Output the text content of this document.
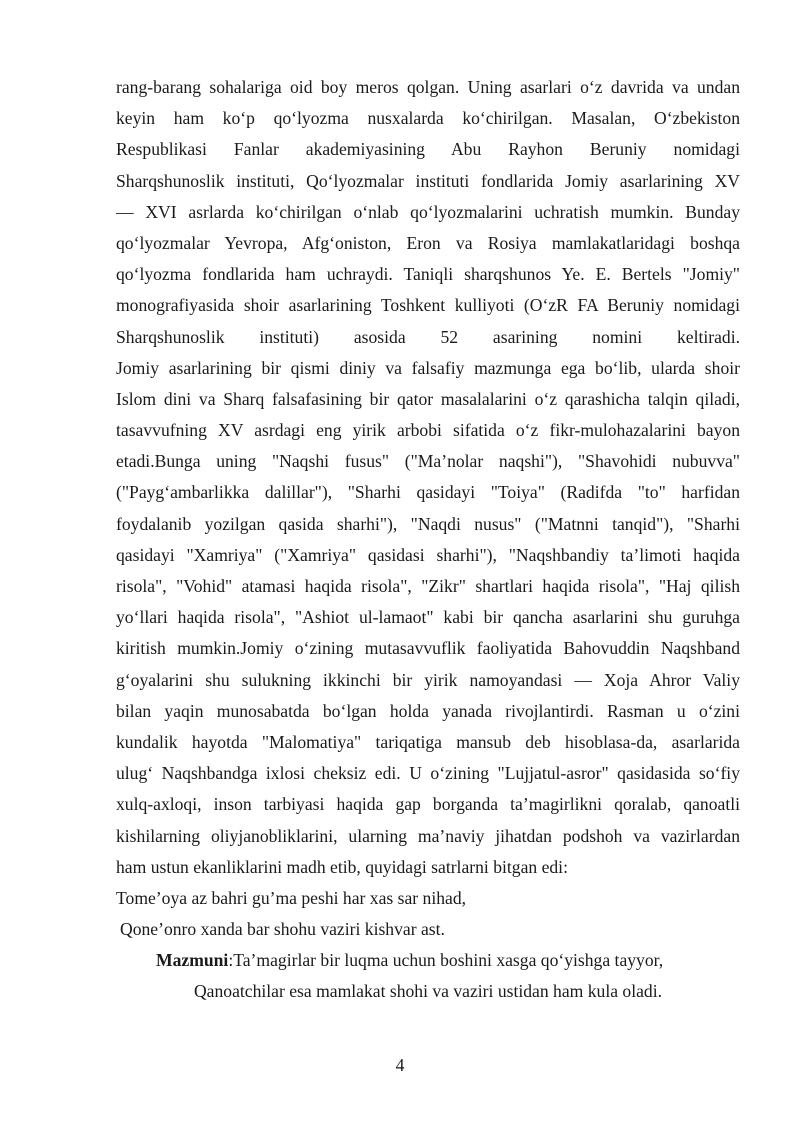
rang-barang sohalariga oid boy meros qolgan. Uning asarlari o‘z davrida va undan
keyin ham ko‘p qo‘lyozma nusxalarda ko‘chirilgan. Masalan, O‘zbekiston
Respublikasi Fanlar akademiyasining Abu Rayhon Beruniy nomidagi
Sharqshunoslik instituti, Qo‘lyozmalar instituti fondlarida Jomiy asarlarining XV
— XVI asrlarda ko‘chirilgan o‘nlab qo‘lyozmalarini uchratish mumkin. Bunday
qo‘lyozmalar Yevropa, Afg‘oniston, Eron va Rosiya mamlakatlaridagi boshqa
qo‘lyozma fondlarida ham uchraydi. Taniqli sharqshunos Ye. E. Bertels "Jomiy"
monografiyasida shoir asarlarining Toshkent kulliyoti (O‘zR FA Beruniy nomidagi
Sharqshunoslik instituti) asosida 52 asarining nomini keltiradi.
Jomiy asarlarining bir qismi diniy va falsafiy mazmunga ega bo‘lib, ularda shoir
Islom dini va Sharq falsafasining bir qator masalalarini o‘z qarashicha talqin qiladi,
tasavvufning XV asrdagi eng yirik arbobi sifatida o‘z fikr-mulohazalarini bayon
etadi.Bunga uning "Naqshi fusus" ("Ma’nolar naqshi"), "Shavohidi nubuvva"
("Payg‘ambarlikka dalillar"), "Sharhi qasidayi "Toiya" (Radifda "to" harfidan
foydalanib yozilgan qasida sharhi"), "Naqdi nusus" ("Matnni tanqid"), "Sharhi
qasidayi "Xamriya" ("Xamriya" qasidasi sharhi"), "Naqshbandiy ta’limoti haqida
risola", "Vohid" atamasi haqida risola", "Zikr" shartlari haqida risola", "Haj qilish
yo‘llari haqida risola", "Ashiot ul-lamaot" kabi bir qancha asarlarini shu guruhga
kiritish mumkin.Jomiy o‘zining mutasavvuflik faoliyatida Bahovuddin Naqshband
g‘oyalarini shu sulukning ikkinchi bir yirik namoyandasi — Xoja Ahror Valiy
bilan yaqin munosabatda bo‘lgan holda yanada rivojlantirdi. Rasman u o‘zini
kundalik hayotda "Malomatiya" tariqatiga mansub deb hisoblasa-da, asarlarida
ulug‘ Naqshbandga ixlosi cheksiz edi. U o‘zining "Lujjatul-asror" qasidasida so‘fiy
xulq-axloqi, inson tarbiyasi haqida gap borganda ta’magirlikni qoralab, qanoatli
kishilarning oliyjanobliklarini, ularning ma’naviy jihatdan podshoh va vazirlardan
ham ustun ekanliklarini madh etib, quyidagi satrlarni bitgan edi:
Tome’oya az bahri gu’ma peshi har xas sar nihad,
Qone’onro xanda bar shohu vaziri kishvar ast.
Mazmuni:Ta’magirlar bir luqma uchun boshini xasga qo‘yishga tayyor,
Qanoatchilar esa mamlakat shohi va vaziri ustidan ham kula oladi.
4
